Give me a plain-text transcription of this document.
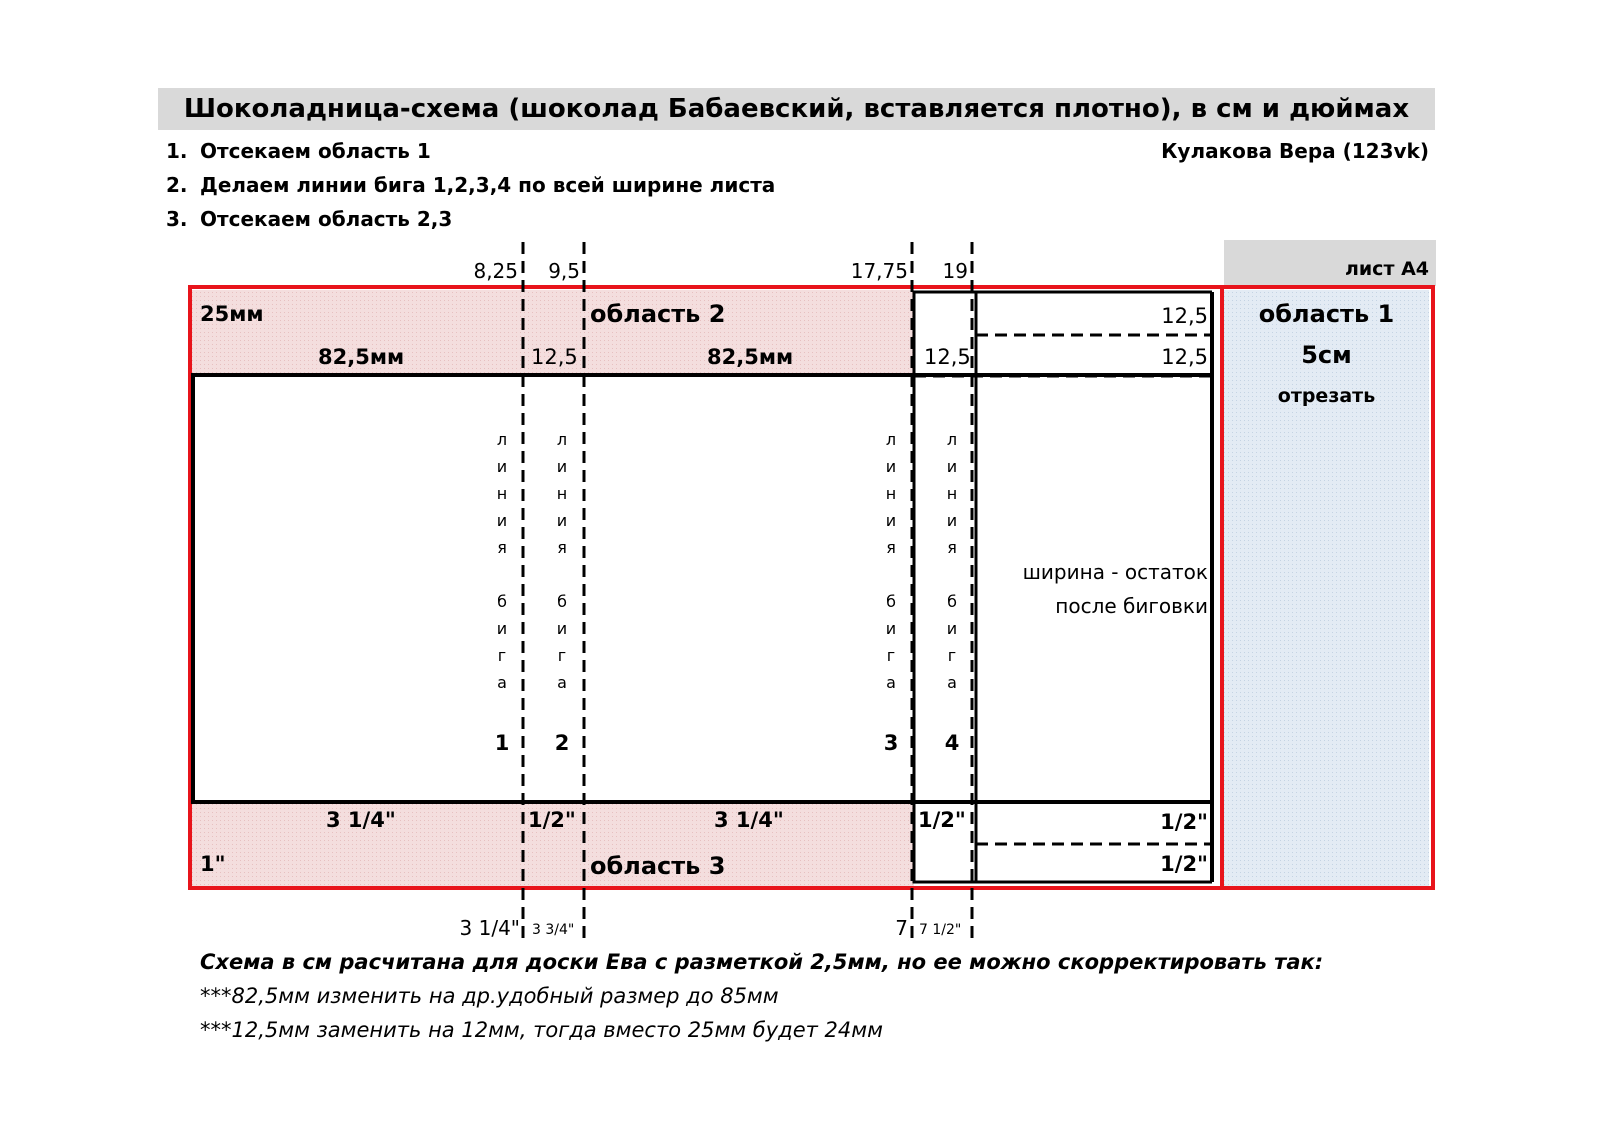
Шоколадница-схема (шоколад Бабаевский, вставляется плотно), в см и дюймах
1. Отсекаем область 1
2. Делаем линии бига 1,2,3,4 по всей ширине листа
3. Отсекаем область 2,3
Кулакова Вера (123vk)
лист А4
8,25	9,5	17,75	19
25мм	область 2
82,5мм	12,5	82,5мм	12,5
12,5
12,5
область 1
5см
отрезать
л
и
н
и
я

б
и
г
а
л
и
н
и
я

б
и
г
а
л
и
н
и
я

б
и
г
а
л
и
н
и
я

б
и
г
а
1 2	3 4
ширина - остаток
после биговки
3 1/4"	1/2"	3 1/4"	1/2"	1/2"
1/2"
1"	область 3
3 1/4" 3 3/4"	7 7 1/2"
Схема в см расчитана для доски Ева с разметкой 2,5мм, но ее можно скорректировать так:
***82,5мм изменить на др.удобный размер до 85мм
***12,5мм заменить на 12мм, тогда вместо 25мм будет 24мм
